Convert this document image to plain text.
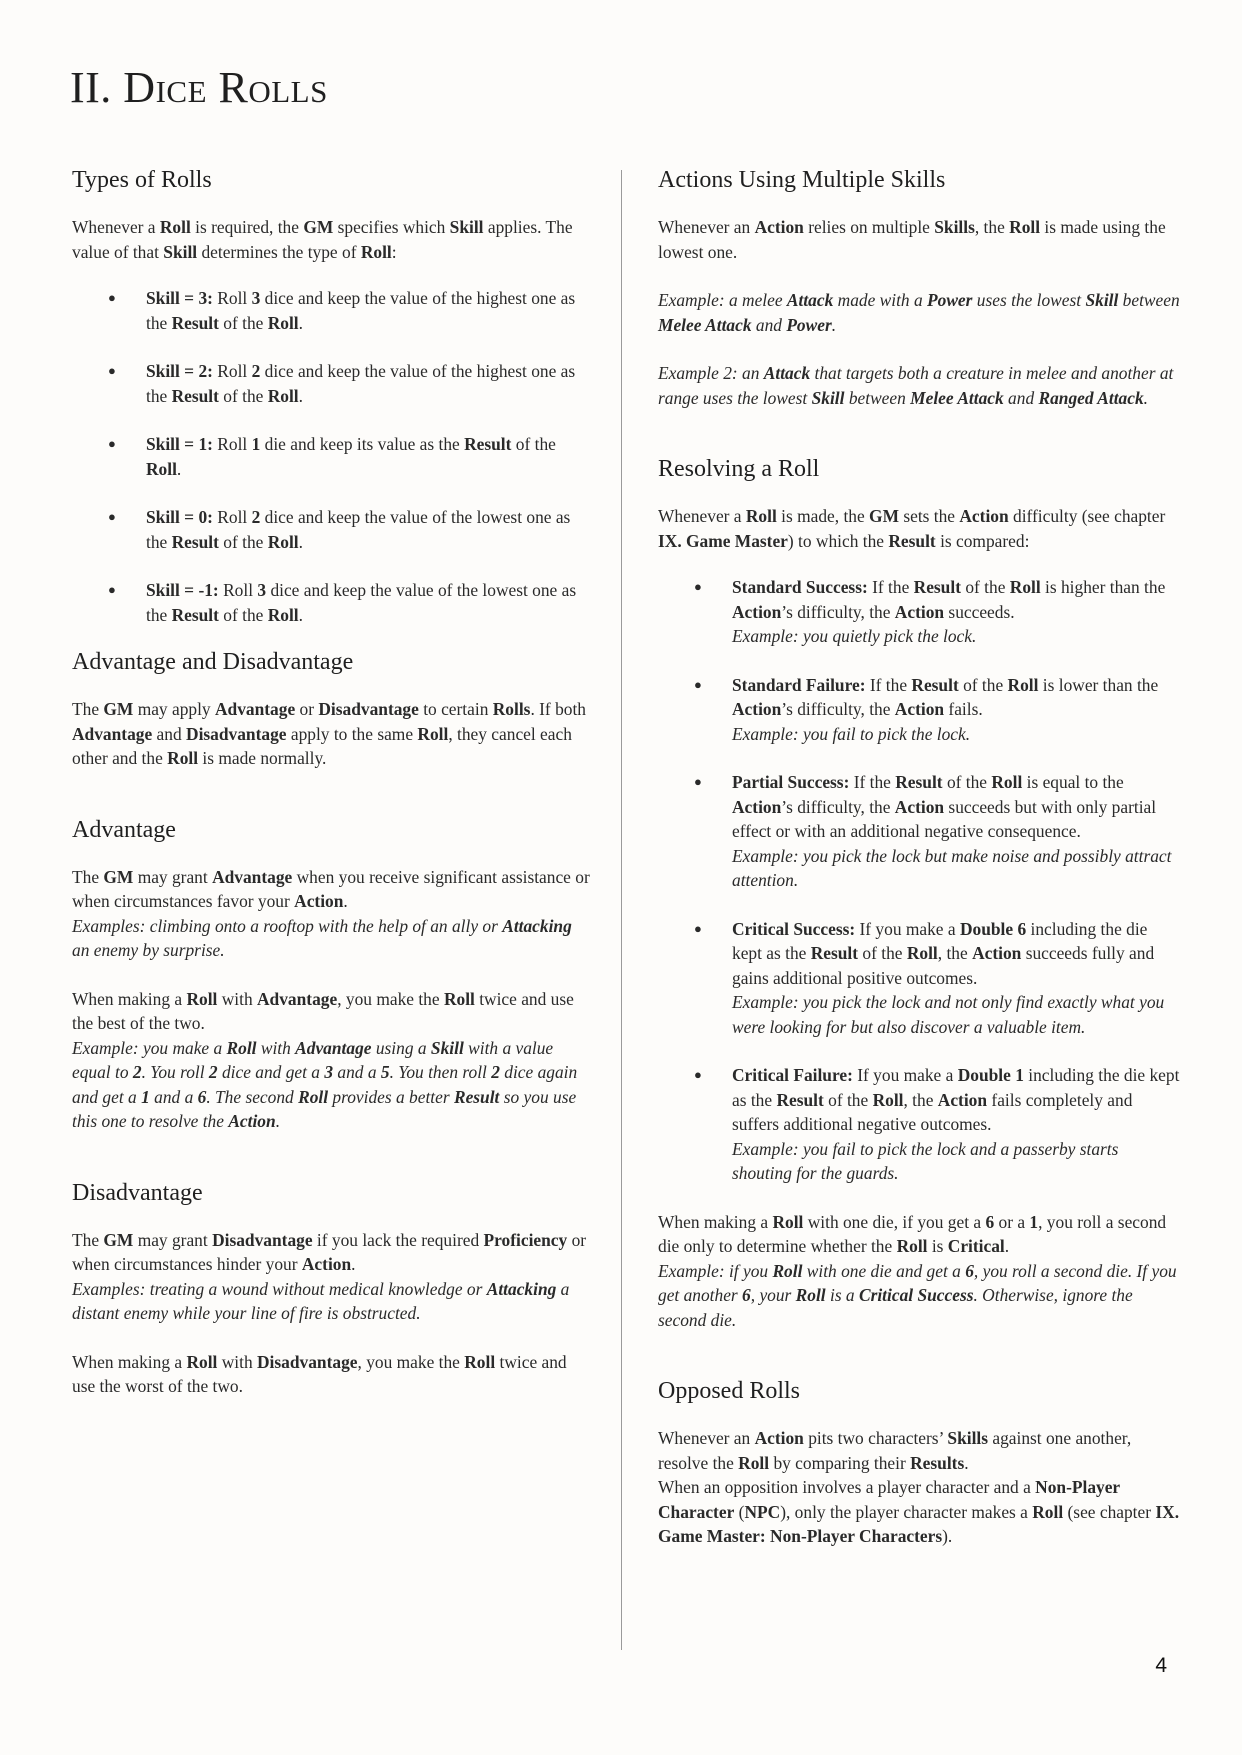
II. Dice Rolls
Types of Rolls

Whenever a Roll is required, the GM specifies which Skill applies. The value of that Skill determines the type of Roll:

● Skill = 3: Roll 3 dice and keep the value of the highest one as the Result of the Roll.
● Skill = 2: Roll 2 dice and keep the value of the highest one as the Result of the Roll.
● Skill = 1: Roll 1 die and keep its value as the Result of the Roll.
● Skill = 0: Roll 2 dice and keep the value of the lowest one as the Result of the Roll.
● Skill = -1: Roll 3 dice and keep the value of the lowest one as the Result of the Roll.
Advantage and Disadvantage

The GM may apply Advantage or Disadvantage to certain Rolls. If both Advantage and Disadvantage apply to the same Roll, they cancel each other and the Roll is made normally.

Advantage

The GM may grant Advantage when you receive significant assistance or when circumstances favor your Action.

Examples: climbing onto a rooftop with the help of an ally or Attacking an enemy by surprise.

When making a Roll with Advantage, you make the Roll twice and use the best of the two.

Example: you make a Roll with Advantage using a Skill with a value equal to 2. You roll 2 dice and get a 3 and a 5. You then roll 2 dice again and get a 1 and a 6. The second Roll provides a better Result so you use this one to resolve the Action.

Disadvantage

The GM may grant Disadvantage if you lack the required Proficiency or when circumstances hinder your Action.

Examples: treating a wound without medical knowledge or Attacking a distant enemy while your line of fire is obstructed.

When making a Roll with Disadvantage, you make the Roll twice and use the worst of the two.

Actions Using Multiple Skills

Whenever an Action relies on multiple Skills, the Roll is made using the lowest one.

Example: a melee Attack made with a Power uses the lowest Skill between Melee Attack and Power.

Example 2: an Attack that targets both a creature in melee and another at range uses the lowest Skill between Melee Attack and Ranged Attack.

Resolving a Roll

Whenever a Roll is made, the GM sets the Action difficulty (see chapter IX. Game Master) to which the Result is compared:

● Standard Success: If the Result of the Roll is higher than the Action’s difficulty, the Action succeeds.
Example: you quietly pick the lock.
● Standard Failure: If the Result of the Roll is lower than the Action’s difficulty, the Action fails.
Example: you fail to pick the lock.
● Partial Success: If the Result of the Roll is equal to the Action’s difficulty, the Action succeeds but with only partial effect or with an additional negative consequence.
Example: you pick the lock but make noise and possibly attract attention.
● Critical Success: If you make a Double 6 including the die kept as the Result of the Roll, the Action succeeds fully and gains additional positive outcomes.
Example: you pick the lock and not only find exactly what you were looking for but also discover a valuable item.
● Critical Failure: If you make a Double 1 including the die kept as the Result of the Roll, the Action fails completely and suffers additional negative outcomes.
Example: you fail to pick the lock and a passerby starts shouting for the guards.

When making a Roll with one die, if you get a 6 or a 1, you roll a second die only to determine whether the Roll is Critical.

Example: if you Roll with one die and get a 6, you roll a second die. If you get another 6, your Roll is a Critical Success. Otherwise, ignore the second die.

Opposed Rolls

Whenever an Action pits two characters’ Skills against one another, resolve the Roll by comparing their Results.

When an opposition involves a player character and a Non-Player Character (NPC), only the player character makes a Roll (see chapter IX. Game Master: Non-Player Characters).

4
